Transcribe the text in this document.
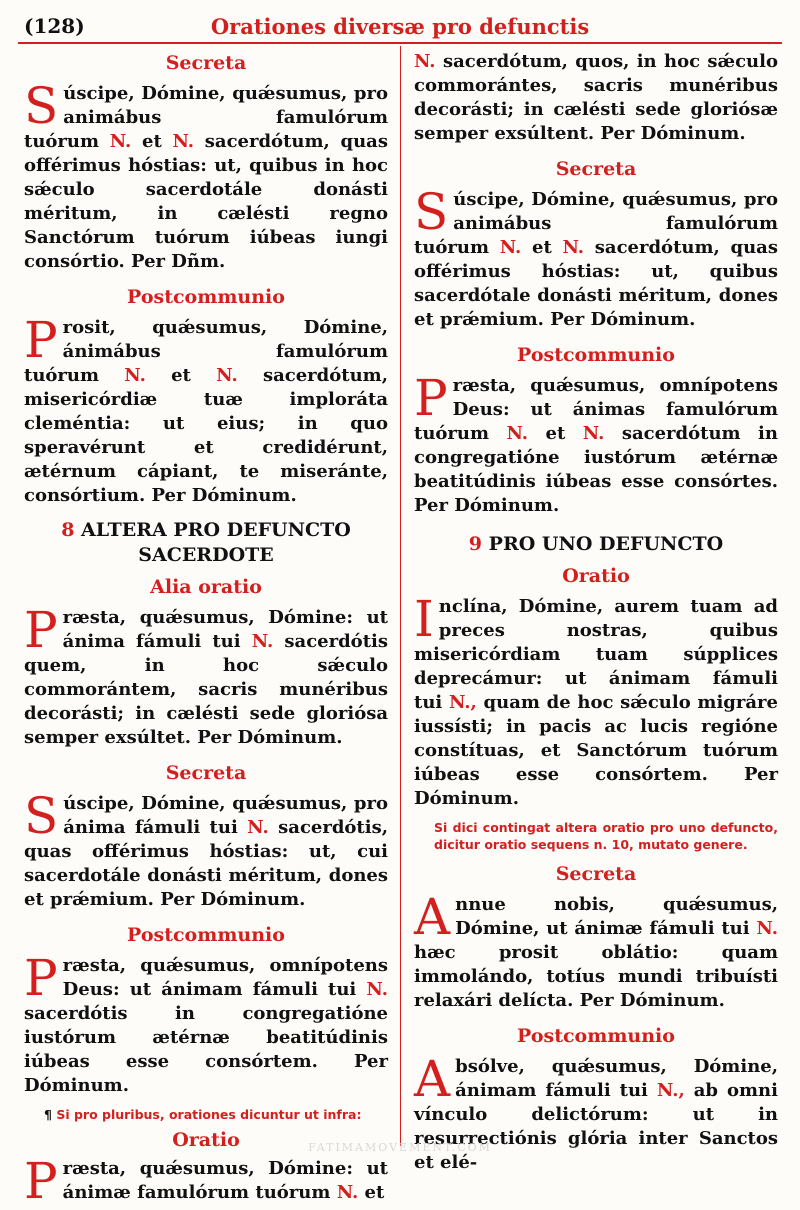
(128)	Orationes diversæ pro defunctis

Secreta

Súscipe, Dómine, quǽsumus, pro animábus famulórum tuórum N. et N. sacerdótum, quas offérimus hóstias: ut, quibus in hoc sǽculo sacerdotále donásti méritum, in cælésti regno Sanctórum tuórum iúbeas iungi consórtio. Per Dñm.

Postcommunio

Prosit, quǽsumus, Dómine, ánimábus famulórum tuórum N. et N. sacerdótum, misericórdiæ tuæ imploráta cleméntia: ut eius; in quo speravérunt et credidérunt, ætérnum cápiant, te miseránte, consórtium. Per Dóminum.

8 ALTERA PRO DEFUNCTO SACERDOTE

Alia oratio

Præsta, quǽsumus, Dómine: ut ánima fámuli tui N. sacerdótis quem, in hoc sǽculo commorántem, sacris munéribus decorásti; in cælésti sede gloriósa semper exsúltet. Per Dóminum.

Secreta

Súscipe, Dómine, quǽsumus, pro ánima fámuli tui N. sacerdótis, quas offérimus hóstias: ut, cui sacerdotále donásti méritum, dones et prǽmium. Per Dóminum.

Postcommunio

Præsta, quǽsumus, omnípotens Deus: ut ánimam fámuli tui N. sacerdótis in congregatióne iustórum ætérnæ beatitúdinis iúbeas esse consórtem. Per Dóminum.

¶ Si pro pluribus, orationes dicuntur ut infra:

Oratio

Præsta, quǽsumus, Dómine: ut ánimæ famulórum tuórum N. et

N. sacerdótum, quos, in hoc sǽculo commorántes, sacris munéribus decorásti; in cælésti sede gloriósæ semper exsúltent. Per Dóminum.

Secreta

Súscipe, Dómine, quǽsumus, pro animábus famulórum tuórum N. et N. sacerdótum, quas offérimus hóstias: ut, quibus sacerdótale donásti méritum, dones et prǽmium. Per Dóminum.

Postcommunio

Præsta, quǽsumus, omnípotens Deus: ut ánimas famulórum tuórum N. et N. sacerdótum in congregatióne iustórum ætérnæ beatitúdinis iúbeas esse consórtes. Per Dóminum.

9 PRO UNO DEFUNCTO

Oratio

Inclína, Dómine, aurem tuam ad preces nostras, quibus misericórdiam tuam súpplices deprecámur: ut ánimam fámuli tui N., quam de hoc sǽculo migráre iussísti; in pacis ac lucis regióne constítuas, et Sanctórum tuórum iúbeas esse consórtem. Per Dóminum.

Si dici contingat altera oratio pro uno defuncto, dicitur oratio sequens n. 10, mutato genere.

Secreta

Annue nobis, quǽsumus, Dómine, ut ánimæ fámuli tui N. hæc prosit oblátio: quam immolándo, totíus mundi tribuísti relaxári delícta. Per Dóminum.

Postcommunio

Absólve, quǽsumus, Dómine, ánimam fámuli tui N., ab omni vínculo delictórum: ut in resurrectiónis glória inter Sanctos et elé-

FATIMAMOVEMENT.COM
